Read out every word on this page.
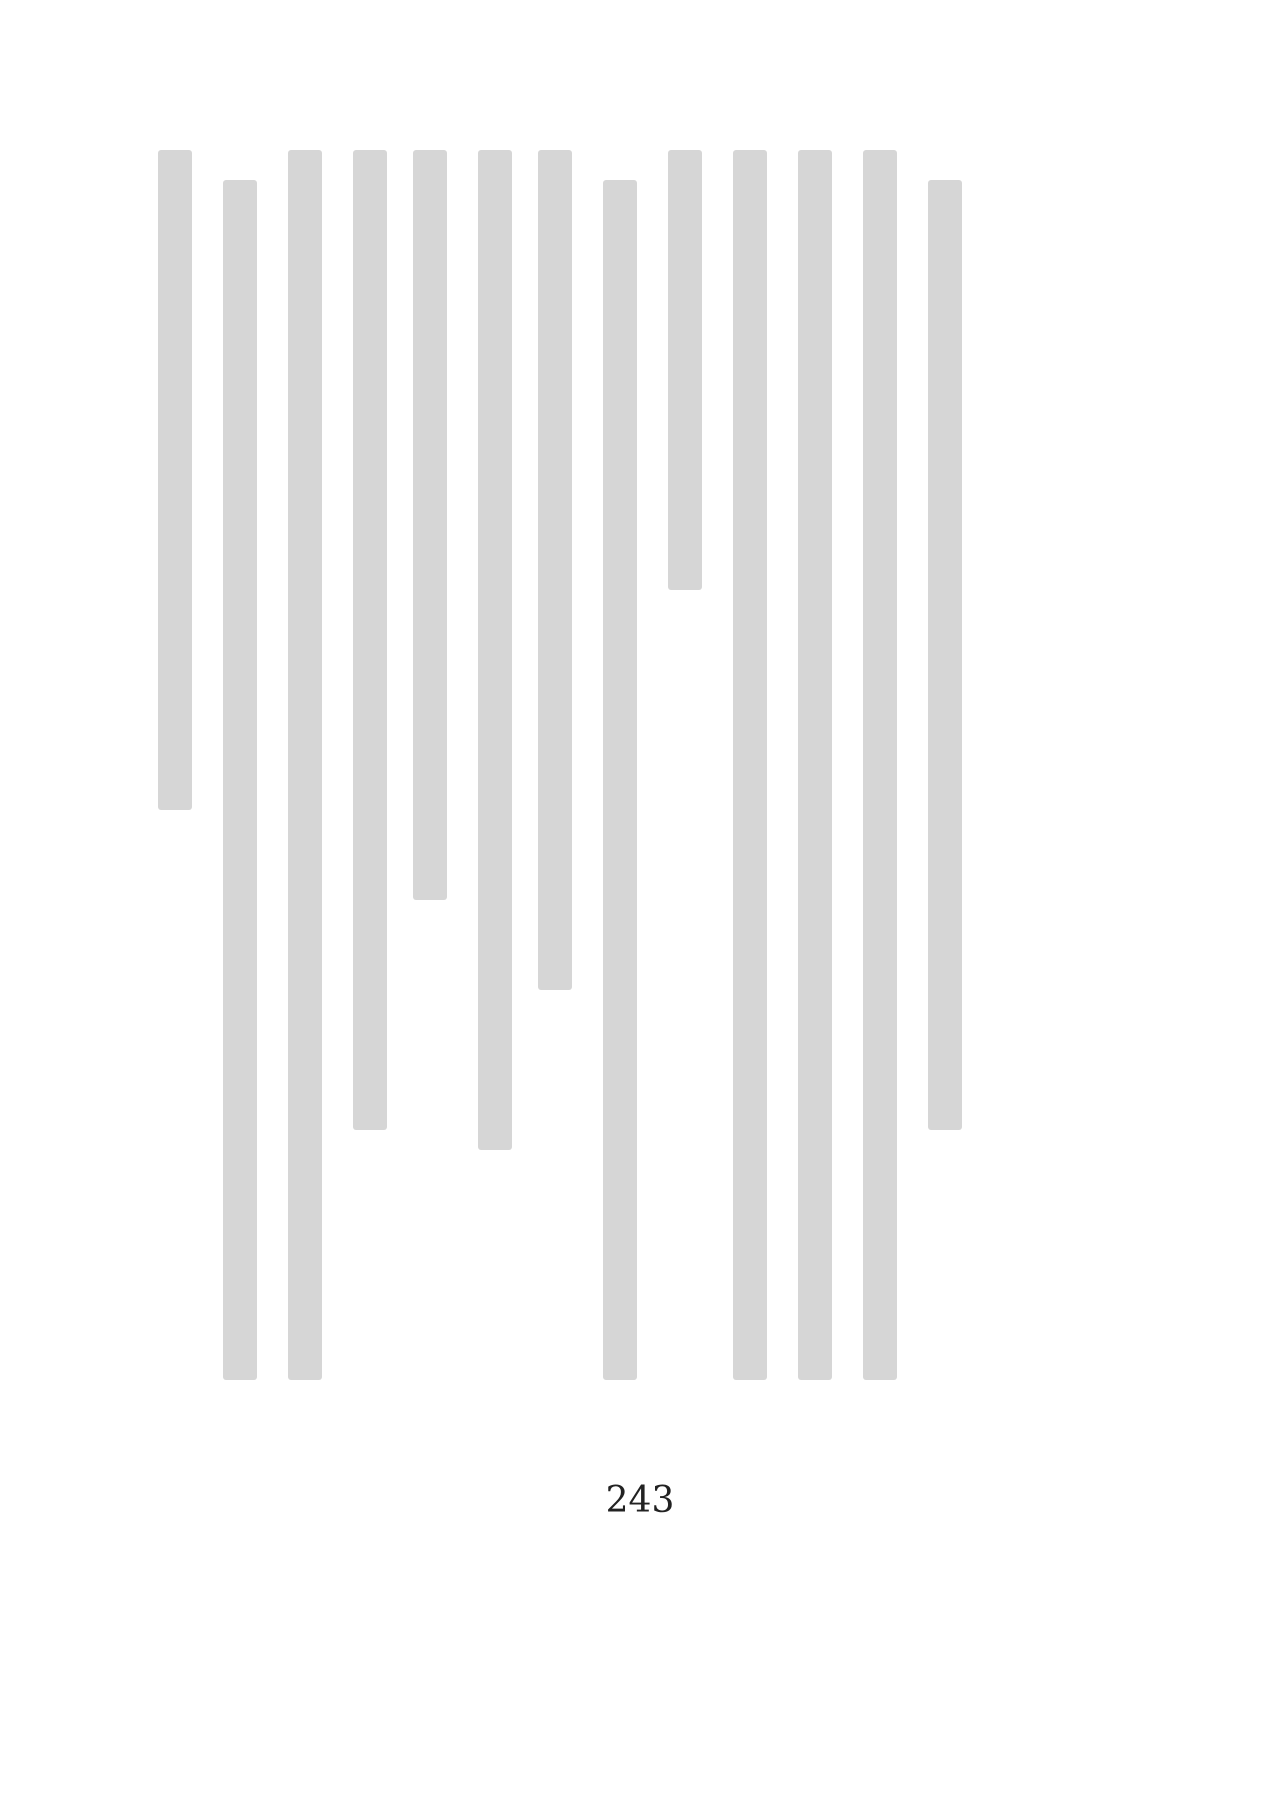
243
